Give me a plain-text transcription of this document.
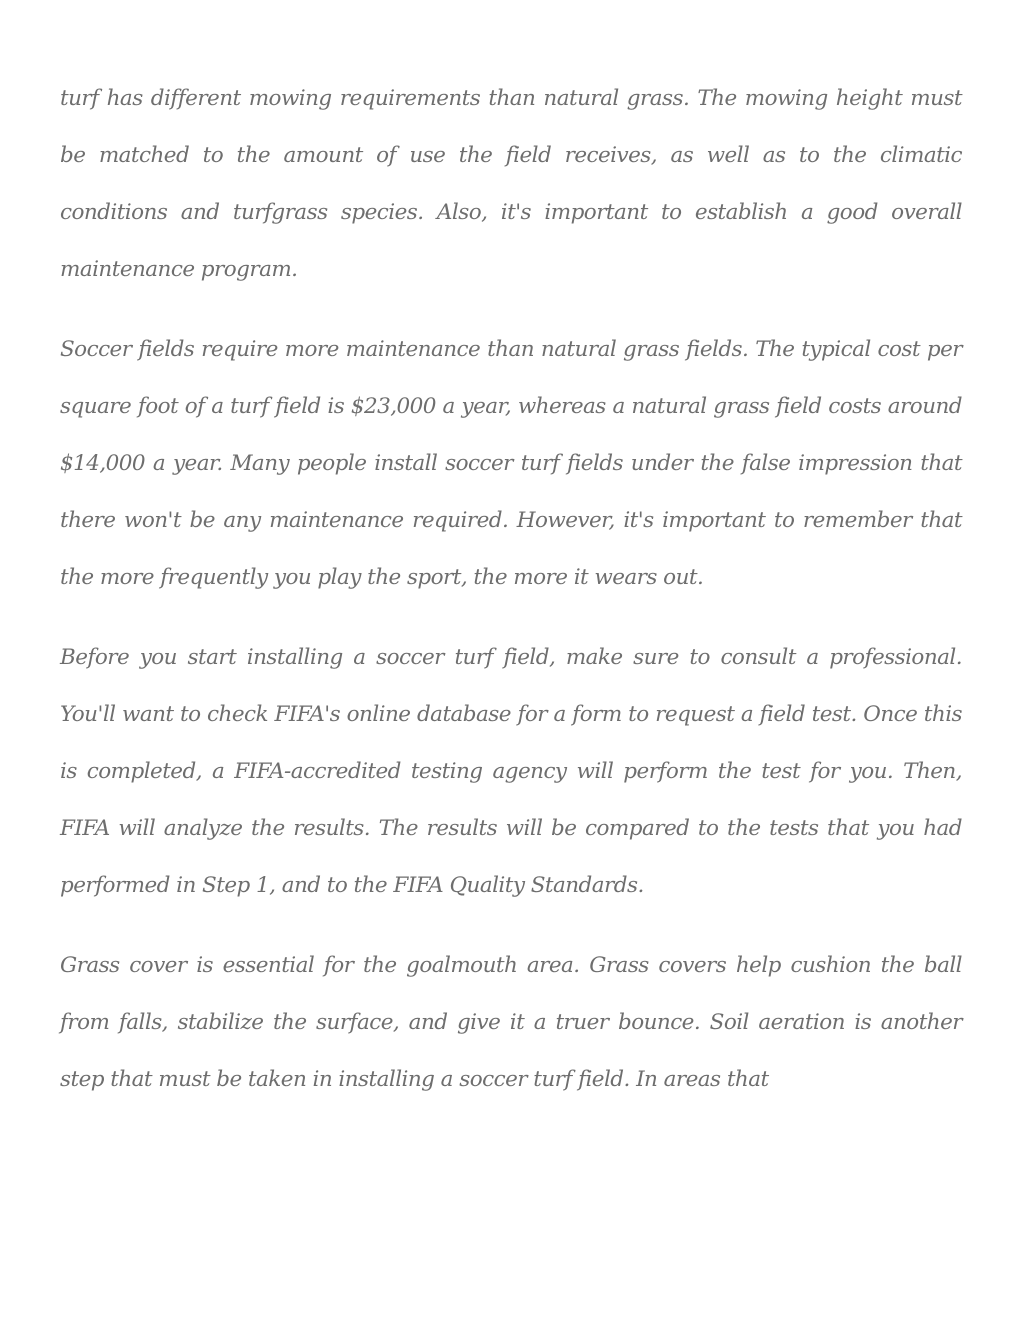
turf has different mowing requirements than natural grass. The mowing height must be matched to the amount of use the field receives, as well as to the climatic conditions and turfgrass species. Also, it's important to establish a good overall maintenance program.

Soccer fields require more maintenance than natural grass fields. The typical cost per square foot of a turf field is $23,000 a year, whereas a natural grass field costs around $14,000 a year. Many people install soccer turf fields under the false impression that there won't be any maintenance required. However, it's important to remember that the more frequently you play the sport, the more it wears out.

Before you start installing a soccer turf field, make sure to consult a professional. You'll want to check FIFA's online database for a form to request a field test. Once this is completed, a FIFA-accredited testing agency will perform the test for you. Then, FIFA will analyze the results. The results will be compared to the tests that you had performed in Step 1, and to the FIFA Quality Standards.

Grass cover is essential for the goalmouth area. Grass covers help cushion the ball from falls, stabilize the surface, and give it a truer bounce. Soil aeration is another step that must be taken in installing a soccer turf field. In areas that
